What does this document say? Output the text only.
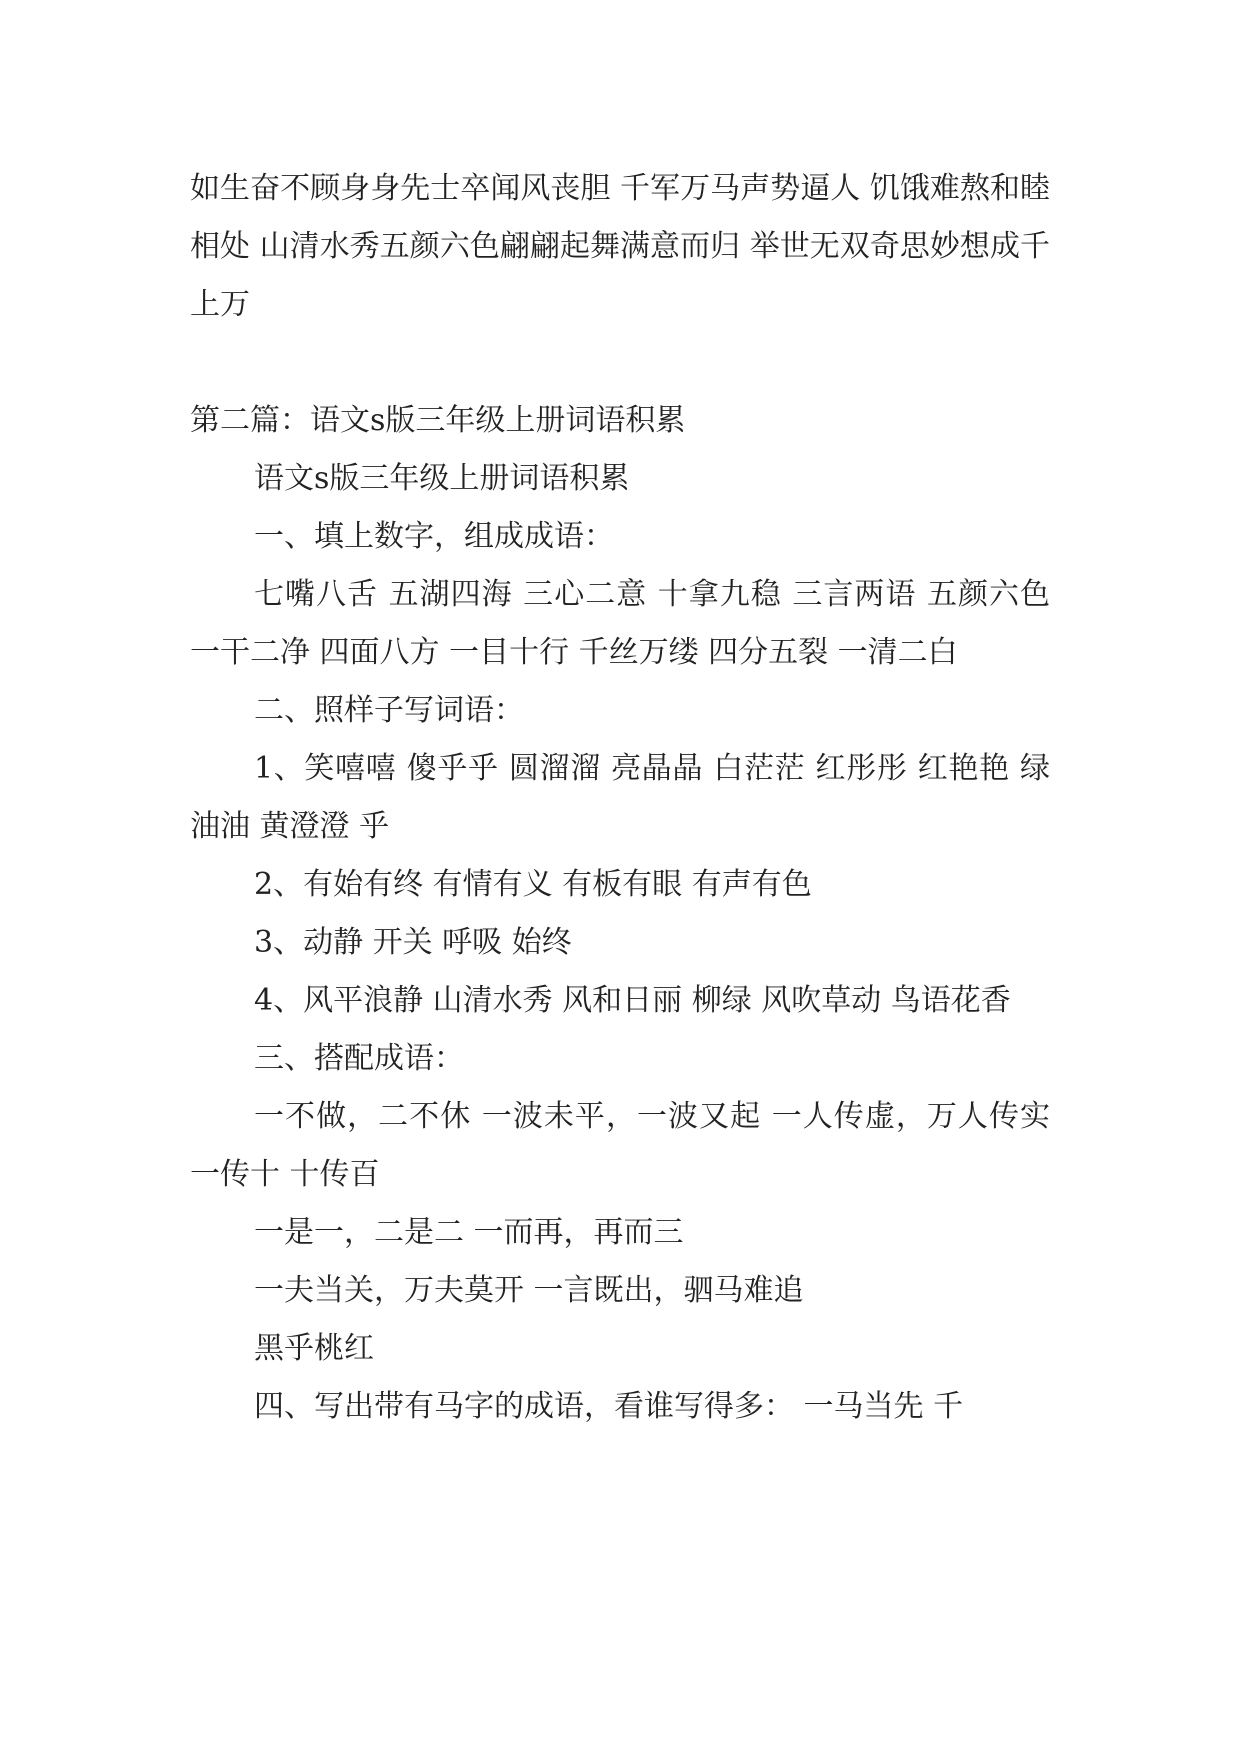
如生奋不顾身身先士卒闻风丧胆 千军万马声势逼人 饥饿难熬和睦相处 山清水秀五颜六色翩翩起舞满意而归 举世无双奇思妙想成千上万

第二篇：语文s版三年级上册词语积累

语文s版三年级上册词语积累

一、填上数字，组成成语：

七嘴八舌 五湖四海 三心二意 十拿九稳 三言两语 五颜六色 一干二净 四面八方 一目十行 千丝万缕 四分五裂 一清二白

二、照样子写词语：

1、笑嘻嘻 傻乎乎 圆溜溜 亮晶晶 白茫茫 红彤彤 红艳艳 绿油油 黄澄澄 乎

2、有始有终 有情有义 有板有眼 有声有色

3、动静 开关 呼吸 始终

4、风平浪静 山清水秀 风和日丽 柳绿 风吹草动 鸟语花香

三、搭配成语：

一不做，二不休 一波未平，一波又起 一人传虚，万人传实 一传十 十传百

一是一，二是二 一而再，再而三

一夫当关，万夫莫开 一言既出，驷马难追

黑乎桃红

四、写出带有马字的成语，看谁写得多： 一马当先 千
